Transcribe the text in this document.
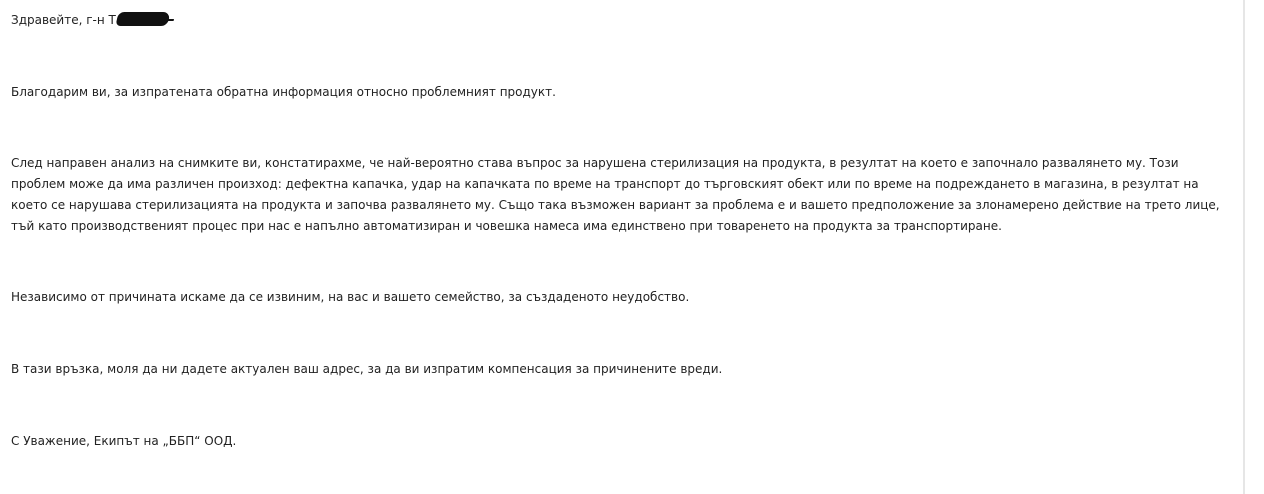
Здравейте, г-н Т

Благодарим ви, за изпратената обратна информация относно проблемният продукт.

След направен анализ на снимките ви, констатирахме, че най-вероятно става въпрос за нарушена стерилизация на продукта, в резултат на което е започнало развалянето му. Този проблем може да има различен произход: дефектна капачка, удар на капачката по време на транспорт до търговският обект или по време на подреждането в магазина, в резултат на което се нарушава стерилизацията на продукта и започва развалянето му. Също така възможен вариант за проблема е и вашето предположение за злонамерено действие на трето лице, тъй като производственият процес при нас е напълно автоматизиран и човешка намеса има единствено при товаренето на продукта за транспортиране.

Независимо от причината искаме да се извиним, на вас и вашето семейство, за създаденото неудобство.

В тази връзка, моля да ни дадете актуален ваш адрес, за да ви изпратим компенсация за причинените вреди.

С Уважение, Екипът на „ББП“ ООД.
